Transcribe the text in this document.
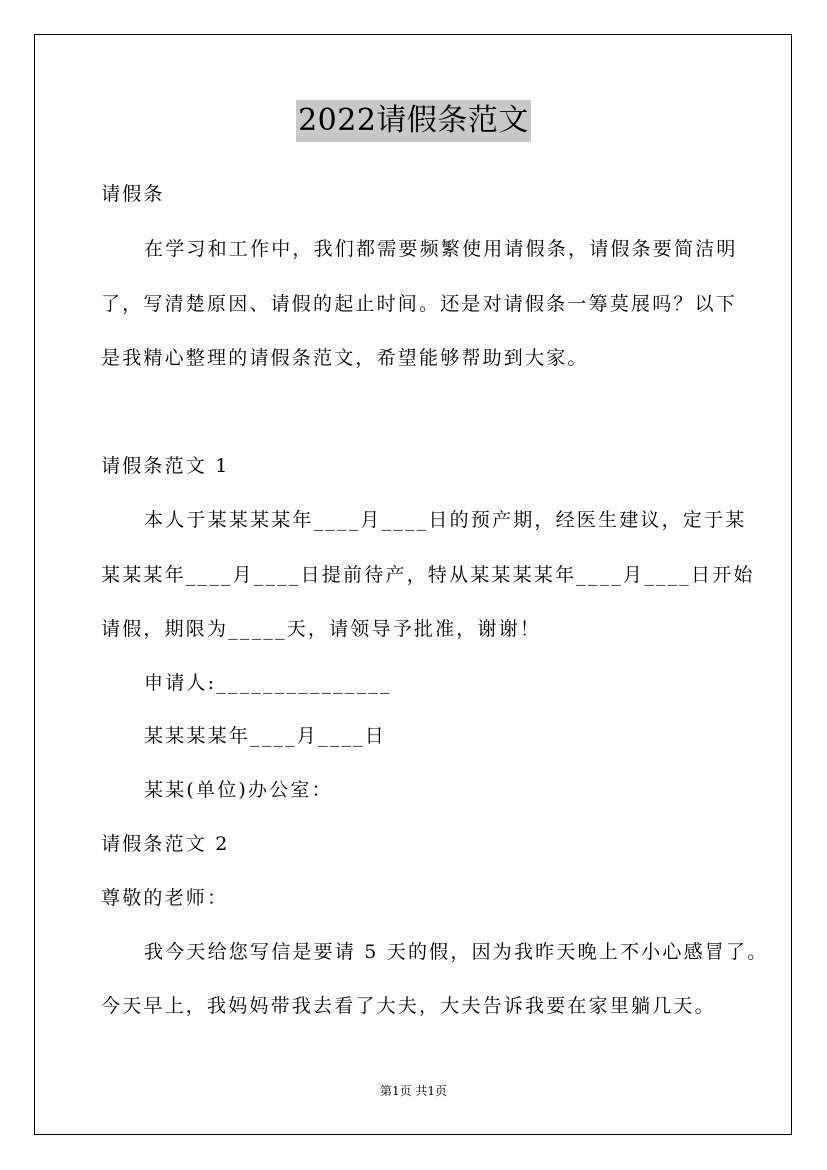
2022请假条范文
请假条
在学习和工作中，我们都需要频繁使用请假条，请假条要简洁明
了，写清楚原因、请假的起止时间。还是对请假条一筹莫展吗？以下
是我精心整理的请假条范文，希望能够帮助到大家。
请假条范文 1
本人于某某某某年____月____日的预产期，经医生建议，定于某
某某某年____月____日提前待产，特从某某某某年____月____日开始
请假，期限为_____天，请领导予批准，谢谢！
申请人:_______________
某某某某年____月____日
某某(单位)办公室：
请假条范文 2
尊敬的老师：
我今天给您写信是要请 5 天的假，因为我昨天晚上不小心感冒了。
今天早上，我妈妈带我去看了大夫，大夫告诉我要在家里躺几天。
第1页 共1页
